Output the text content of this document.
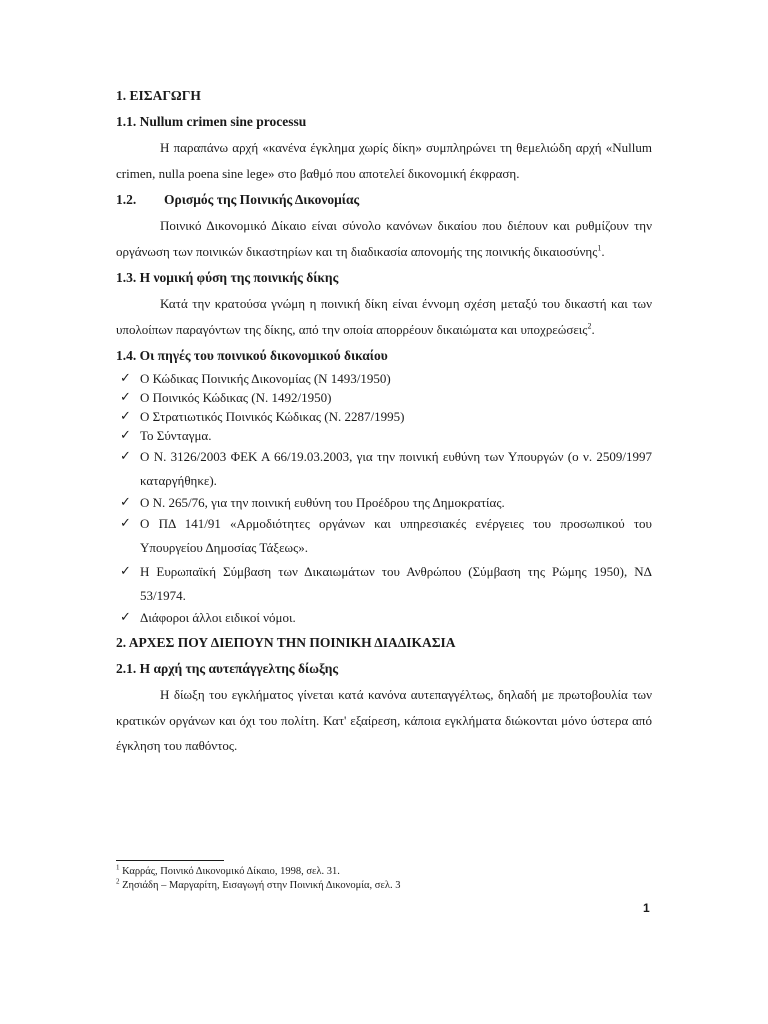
1. ΕΙΣΑΓΩΓΗ
1.1. Nullum crimen sine processu

Η παραπάνω αρχή «κανένα έγκλημα χωρίς δίκη» συμπληρώνει τη θεμελιώδη αρχή «Nullum crimen, nulla poena sine lege» στο βαθμό που αποτελεί δικονομική έκφραση.

1.2. Ορισμός της Ποινικής Δικονομίας

Ποινικό Δικονομικό Δίκαιο είναι σύνολο κανόνων δικαίου που διέπουν και ρυθμίζουν την οργάνωση των ποινικών δικαστηρίων και τη διαδικασία απονομής της ποινικής δικαιοσύνης$^1$.

1.3. Η νομική φύση της ποινικής δίκης

Κατά την κρατούσα γνώμη η ποινική δίκη είναι έννομη σχέση μεταξύ του δικαστή και των υπολοίπων παραγόντων της δίκης, από την οποία απορρέουν δικαιώματα και υποχρεώσεις$^2$.

1.4. Οι πηγές του ποινικού δικονομικού δικαίου
✓ Ο Κώδικας Ποινικής Δικονομίας (Ν 1493/1950)
✓ Ο Ποινικός Κώδικας (Ν. 1492/1950)
✓ Ο Στρατιωτικός Ποινικός Κώδικας (Ν. 2287/1995)
✓ Το Σύνταγμα.
✓ Ο Ν. 3126/2003 ΦΕΚ Α 66/19.03.2003, για την ποινική ευθύνη των Υπουργών (ο ν. 2509/1997 καταργήθηκε).
✓ Ο Ν. 265/76, για την ποινική ευθύνη του Προέδρου της Δημοκρατίας.
✓ Ο ΠΔ 141/91 «Αρμοδιότητες οργάνων και υπηρεσιακές ενέργειες του προσωπικού του Υπουργείου Δημοσίας Τάξεως».
✓ Η Ευρωπαϊκή Σύμβαση των Δικαιωμάτων του Ανθρώπου (Σύμβαση της Ρώμης 1950), ΝΔ 53/1974.
✓ Διάφοροι άλλοι ειδικοί νόμοι.
2. ΑΡΧΕΣ ΠΟΥ ΔΙΕΠΟΥΝ ΤΗΝ ΠΟΙΝΙΚΗ ΔΙΑΔΙΚΑΣΙΑ
2.1. Η αρχή της αυτεπάγγελτης δίωξης

Η δίωξη του εγκλήματος γίνεται κατά κανόνα αυτεπαγγέλτως, δηλαδή με πρωτοβουλία των κρατικών οργάνων και όχι του πολίτη. Κατ' εξαίρεση, κάποια εγκλήματα διώκονται μόνο ύστερα από έγκληση του παθόντος.

$^1$ Καρράς, Ποινικό Δικονομικό Δίκαιο, 1998, σελ. 31.

$^2$ Ζησιάδη – Μαργαρίτη, Εισαγωγή στην Ποινική Δικονομία, σελ. 3

1
